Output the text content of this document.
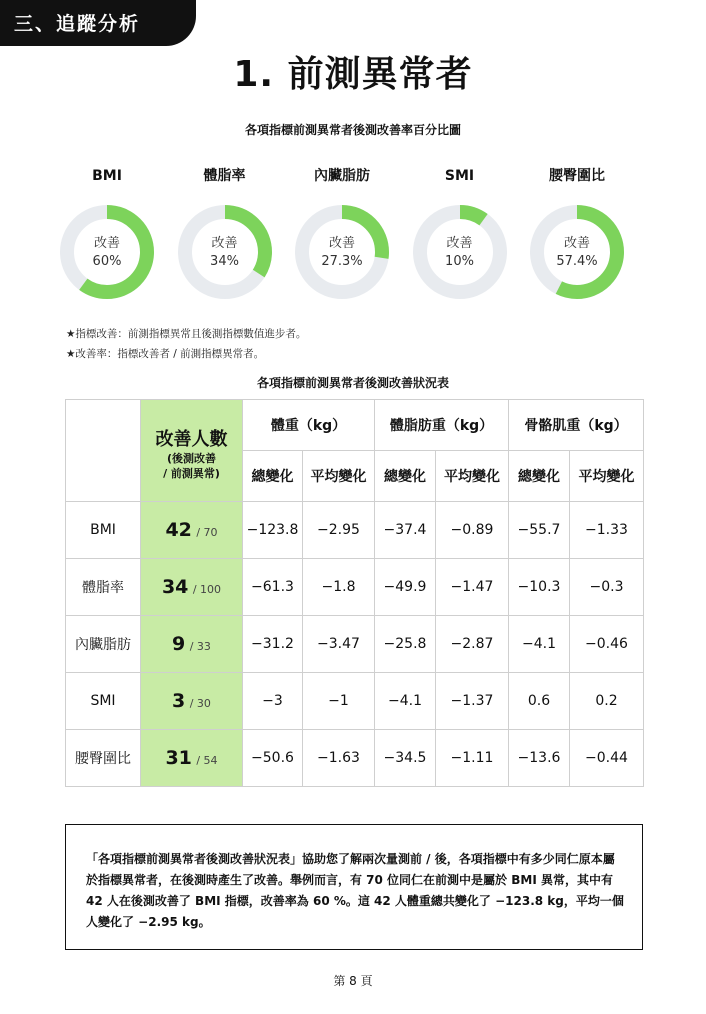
三、追蹤分析
1. 前測異常者
各項指標前測異常者後測改善率百分比圖
BMI
改善
60%
體脂率
改善
34%
內臟脂肪
改善
27.3%
SMI
改善
10%
腰臀圍比
改善
57.4%
★指標改善：前測指標異常且後測指標數值進步者。
★改善率：指標改善者 / 前測指標異常者。
各項指標前測異常者後測改善狀況表

	改善人數
(後測改善
/ 前測異常)	體重（kg）		體脂肪重（kg）		骨骼肌重（kg）	
		總變化	平均變化	總變化	平均變化	總變化	平均變化
BMI	42 / 70	−123.8	−2.95	−37.4	−0.89	−55.7	−1.33
體脂率	34 / 100	−61.3	−1.8	−49.9	−1.47	−10.3	−0.3
內臟脂肪	9 / 33	−31.2	−3.47	−25.8	−2.87	−4.1	−0.46
SMI	3 / 30	−3	−1	−4.1	−1.37	0.6	0.2
腰臀圍比	31 / 54	−50.6	−1.63	−34.5	−1.11	−13.6	−0.44
「各項指標前測異常者後測改善狀況表」協助您了解兩次量測前 / 後，各項指標中有多少同仁原本屬於指標異常者，在後測時產生了改善。舉例而言，有 70 位同仁在前測中是屬於 BMI 異常，其中有 42 人在後測改善了 BMI 指標，改善率為 60 %。這 42 人體重總共變化了 −123.8 kg，平均一個人變化了 −2.95 kg。
第 8 頁
